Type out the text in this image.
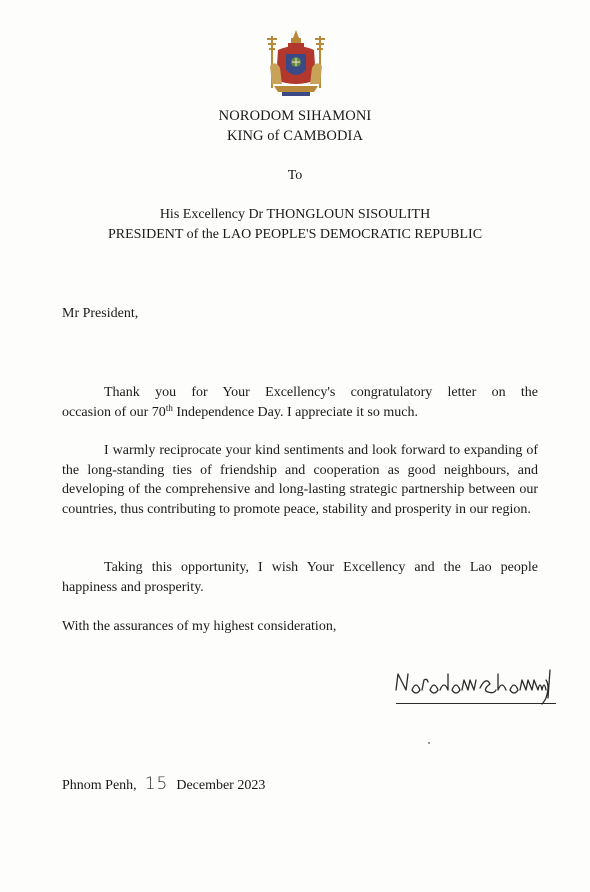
NORODOM SIHAMONI
KING of CAMBODIA
To
His Excellency Dr THONGLOUN SISOULITH
PRESIDENT of the LAO PEOPLE'S DEMOCRATIC REPUBLIC
Mr President,

Thank you for Your Excellency's congratulatory letter on the

occasion of our 70th Independence Day. I appreciate it so much.

I warmly reciprocate your kind sentiments and look forward to expanding of the long-standing ties of friendship and cooperation as good neighbours, and developing of the comprehensive and long-lasting strategic partnership between our countries, thus contributing to promote peace, stability and prosperity in our region.

Taking this opportunity, I wish Your Excellency and the Lao people happiness and prosperity.

With the assurances of my highest consideration,
Phnom Penh, 15 December 2023
